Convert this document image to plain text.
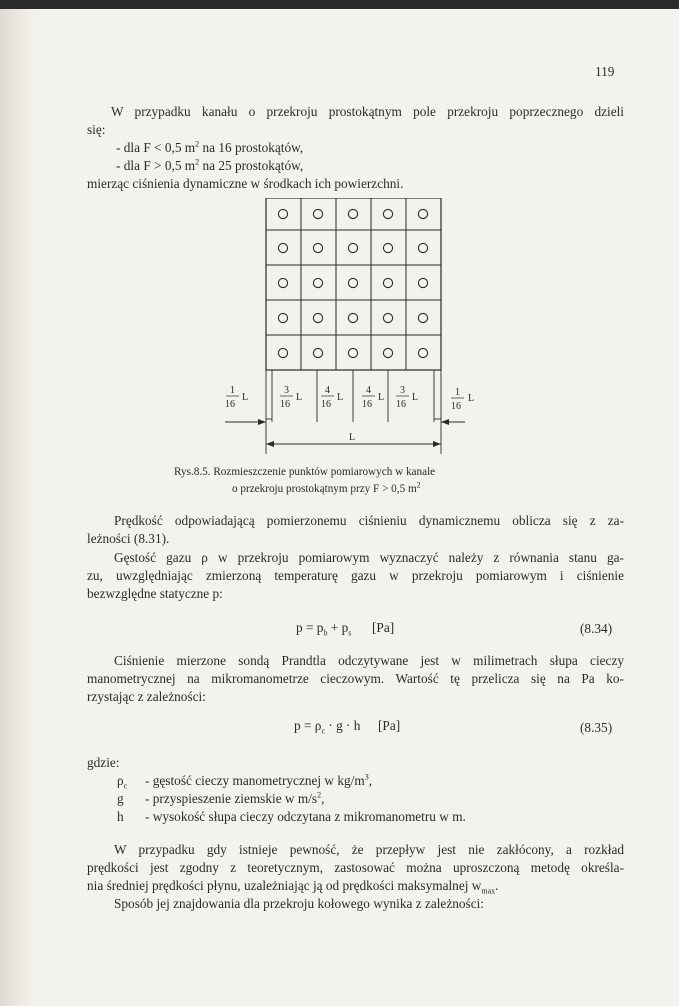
119
W przypadku kanału o przekroju prostokątnym pole przekroju poprzecznego dzieli
się:
- dla F < 0,5 $m^2$ na 16 prostokątów,
- dla F > 0,5 $m^2$ na 25 prostokątów,
mierząc ciśnienia dynamiczne w środkach ich powierzchni.
1
16
L
3
16
L
4
16
L
4
16
L
3
16
L	1
16
L
L
Rys.8.5. Rozmieszczenie punktów pomiarowych w kanale
o przekroju prostokątnym przy F > 0,5 $m^2$
Prędkość odpowiadającą pomierzonemu ciśnieniu dynamicznemu oblicza się z za-
leżności (8.31).
Gęstość gazu ρ w przekroju pomiarowym wyznaczyć należy z równania stanu ga-
zu, uwzględniając zmierzoną temperaturę gazu w przekroju pomiarowym i ciśnienie
bezwzględne statyczne p:
$p = p_b + p_s$ [Pa]	(8.34)
Ciśnienie mierzone sondą Prandtla odczytywane jest w milimetrach słupa cieczy
manometrycznej na mikromanometrze cieczowym. Wartość tę przelicza się na Pa ko-
rzystając z zależności:
$p = \rho_c \cdot g \cdot h$ [Pa]	(8.35)
gdzie:
$\rho_c$ - gęstość cieczy manometrycznej w $kg/m^3$,
g - przyspieszenie ziemskie w $m/s^2$,
h - wysokość słupa cieczy odczytana z mikromanometru w m.
W przypadku gdy istnieje pewność, że przepływ jest nie zakłócony, a rozkład
prędkości jest zgodny z teoretycznym, zastosować można uproszczoną metodę określa-
nia średniej prędkości płynu, uzależniając ją od prędkości maksymalnej $w_{max}$.
Sposób jej znajdowania dla przekroju kołowego wynika z zależności:
